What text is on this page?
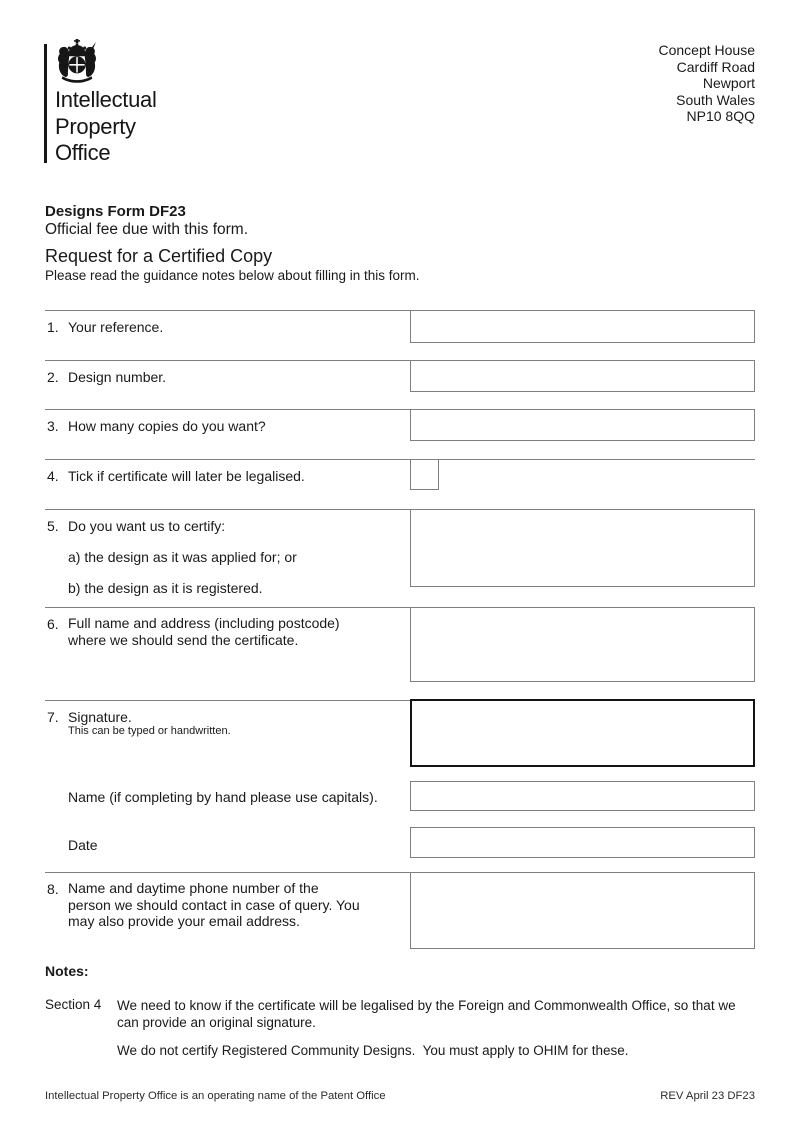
Intellectual
Property
Office
Concept House
Cardiff Road
Newport
South Wales
NP10 8QQ
Designs Form DF23
Official fee due with this form.
Request for a Certified Copy
Please read the guidance notes below about filling in this form.
1. Your reference.
2. Design number.
3. How many copies do you want?
4. Tick if certificate will later be legalised.
5. Do you want us to certify:
a) the design as it was applied for; or
b) the design as it is registered.
6. Full name and address (including postcode)
where we should send the certificate.
7. Signature.
This can be typed or handwritten.
Name (if completing by hand please use capitals).
Date
8. Name and daytime phone number of the
person we should contact in case of query. You
may also provide your email address.
Notes:
Section 4 We need to know if the certificate will be legalised by the Foreign and Commonwealth Office, so that we
can provide an original signature.
We do not certify Registered Community Designs.  You must apply to OHIM for these.
Intellectual Property Office is an operating name of the Patent Office	REV April 23 DF23
